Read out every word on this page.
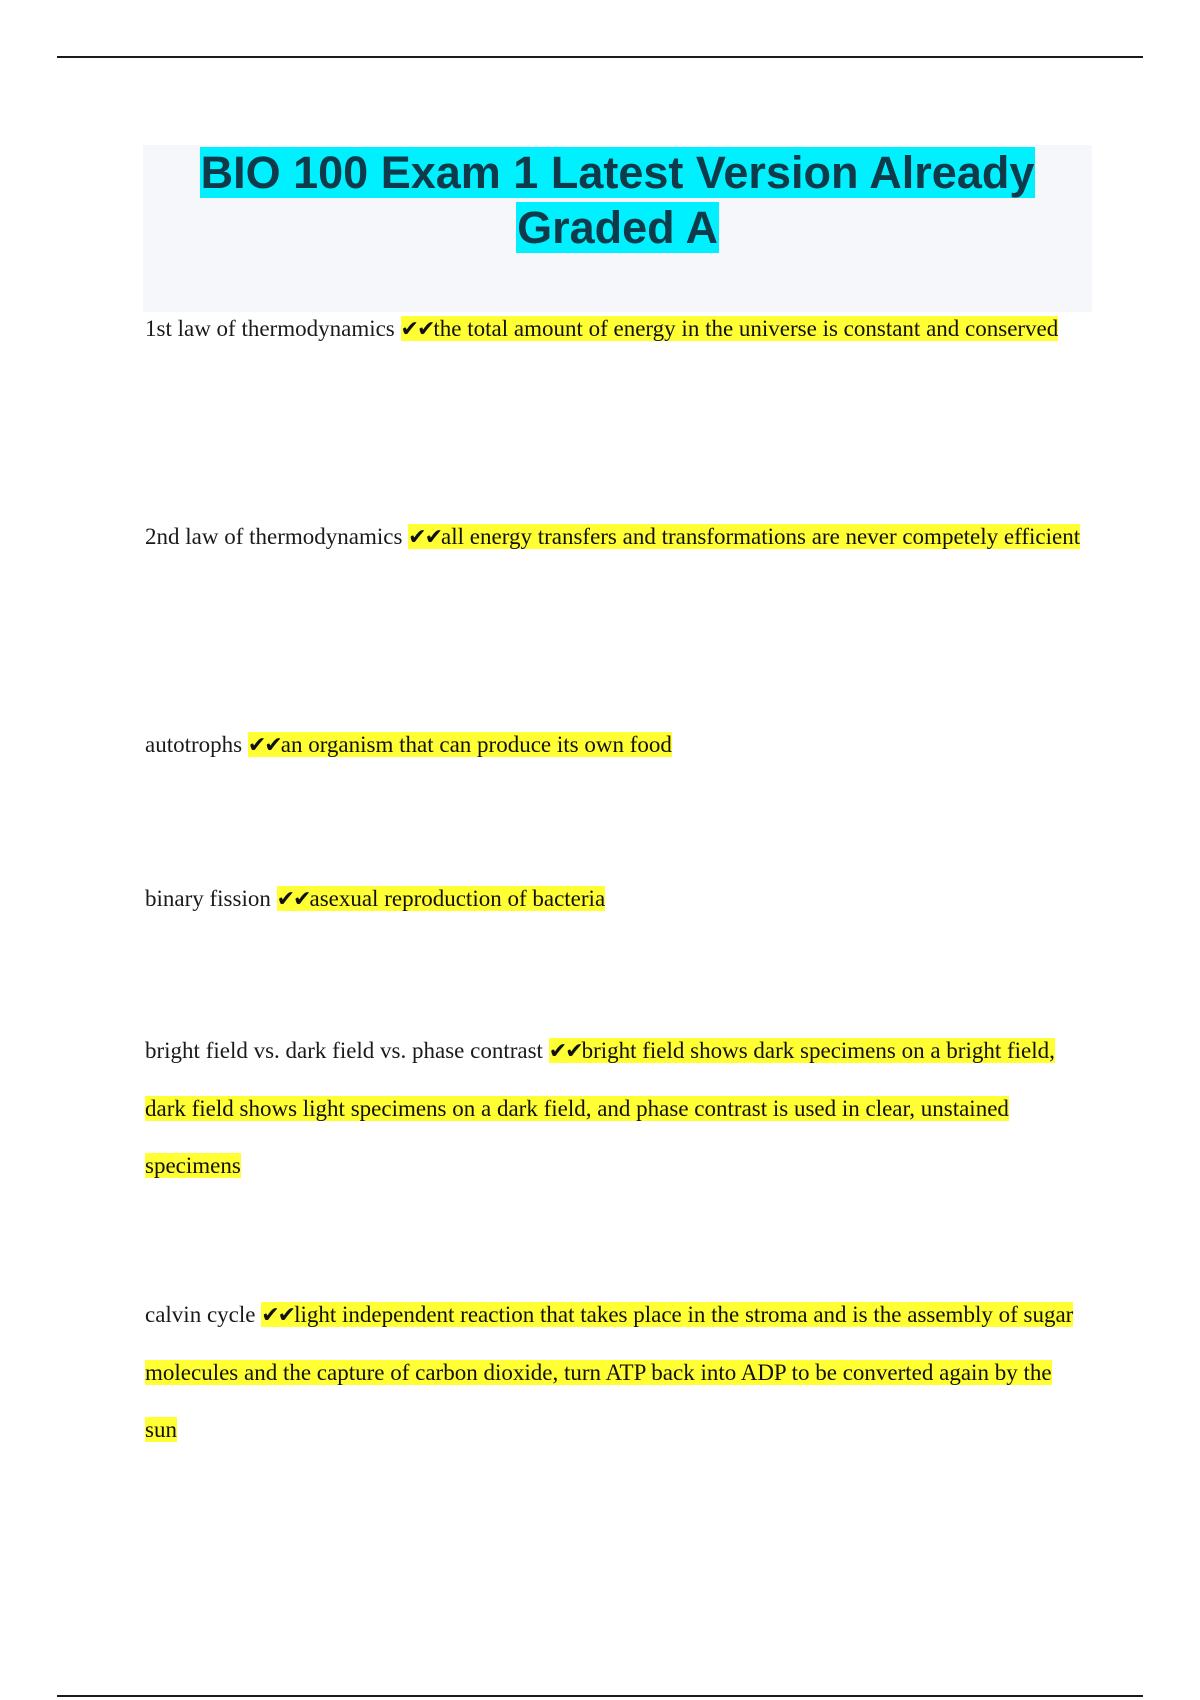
BIO 100 Exam 1 Latest Version Already
Graded A
1st law of thermodynamics ✔✔the total amount of energy in the universe is constant and conserved
2nd law of thermodynamics ✔✔all energy transfers and transformations are never competely efficient
autotrophs ✔✔an organism that can produce its own food
binary fission ✔✔asexual reproduction of bacteria
bright field vs. dark field vs. phase contrast ✔✔bright field shows dark specimens on a bright field, dark field shows light specimens on a dark field, and phase contrast is used in clear, unstained specimens
calvin cycle ✔✔light independent reaction that takes place in the stroma and is the assembly of sugar molecules and the capture of carbon dioxide, turn ATP back into ADP to be converted again by the sun
